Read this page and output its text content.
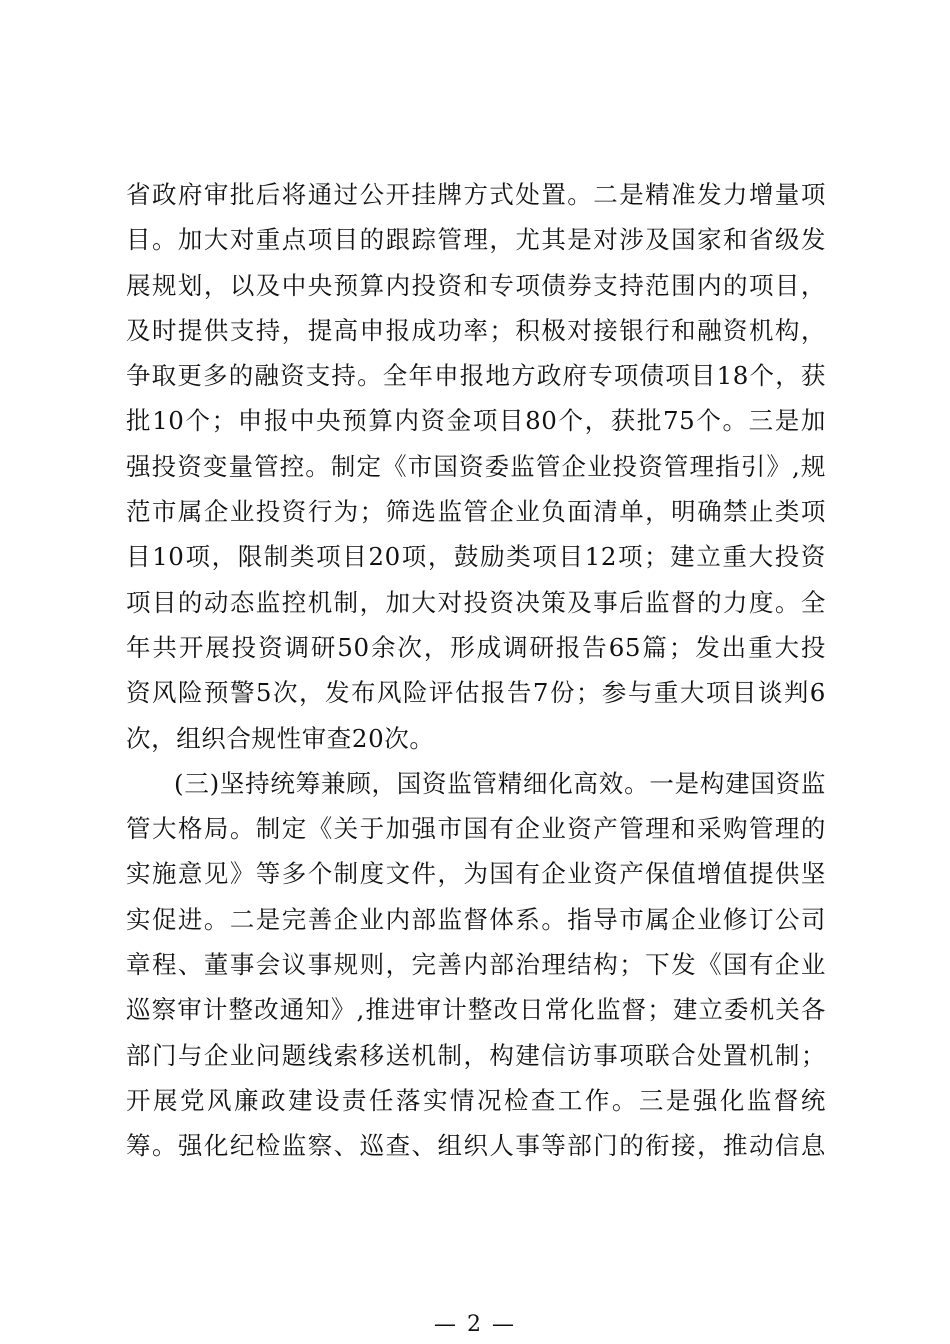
省政府审批后将通过公开挂牌方式处置。二是精准发力增量项
目。加大对重点项目的跟踪管理，尤其是对涉及国家和省级发
展规划，以及中央预算内投资和专项债券支持范围内的项目，
及时提供支持，提高申报成功率；积极对接银行和融资机构，
争取更多的融资支持。全年申报地方政府专项债项目18个，获
批10个；申报中央预算内资金项目80个，获批75个。三是加
强投资变量管控。制定《市国资委监管企业投资管理指引》,规
范市属企业投资行为；筛选监管企业负面清单，明确禁止类项
目10项，限制类项目20项，鼓励类项目12项；建立重大投资
项目的动态监控机制，加大对投资决策及事后监督的力度。全
年共开展投资调研50余次，形成调研报告65篇；发出重大投
资风险预警5次，发布风险评估报告7份；参与重大项目谈判6
次，组织合规性审查20次。
(三)坚持统筹兼顾，国资监管精细化高效。一是构建国资监
管大格局。制定《关于加强市国有企业资产管理和采购管理的
实施意见》等多个制度文件，为国有企业资产保值增值提供坚
实促进。二是完善企业内部监督体系。指导市属企业修订公司
章程、董事会议事规则，完善内部治理结构；下发《国有企业
巡察审计整改通知》,推进审计整改日常化监督；建立委机关各
部门与企业问题线索移送机制，构建信访事项联合处置机制；
开展党风廉政建设责任落实情况检查工作。三是强化监督统
筹。强化纪检监察、巡查、组织人事等部门的衔接，推动信息
— 2 —
